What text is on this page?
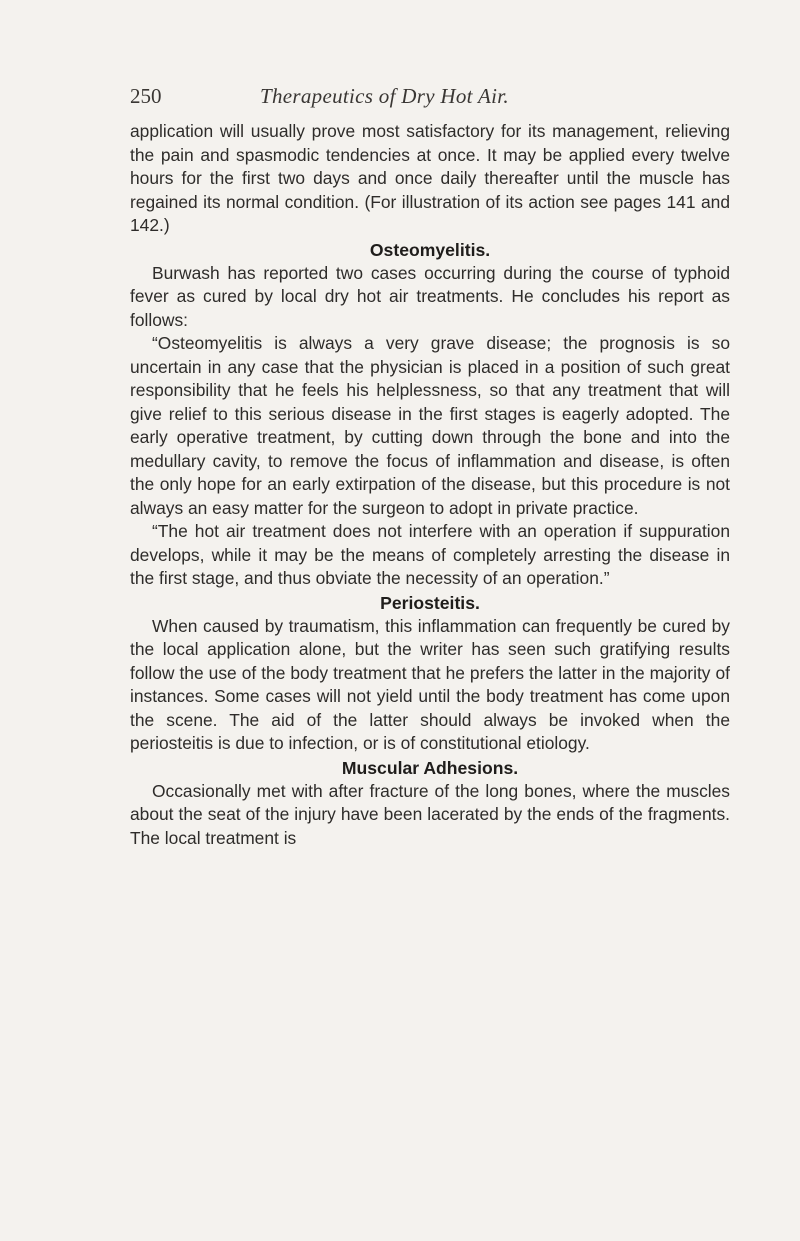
250	Therapeutics of Dry Hot Air.

application will usually prove most satisfactory for its management, relieving the pain and spasmodic tendencies at once. It may be applied every twelve hours for the first two days and once daily thereafter until the muscle has regained its normal condition. (For illustration of its action see pages 141 and 142.)

Osteomyelitis.

Burwash has reported two cases occurring during the course of typhoid fever as cured by local dry hot air treatments. He concludes his report as follows:

“Osteomyelitis is always a very grave disease; the prognosis is so uncertain in any case that the physician is placed in a position of such great responsibility that he feels his helplessness, so that any treatment that will give relief to this serious disease in the first stages is eagerly adopted. The early operative treatment, by cutting down through the bone and into the medullary cavity, to remove the focus of inflammation and disease, is often the only hope for an early extirpation of the disease, but this procedure is not always an easy matter for the surgeon to adopt in private practice.

“The hot air treatment does not interfere with an operation if suppuration develops, while it may be the means of completely arresting the disease in the first stage, and thus obviate the necessity of an operation.”

Periosteitis.

When caused by traumatism, this inflammation can frequently be cured by the local application alone, but the writer has seen such gratifying results follow the use of the body treatment that he prefers the latter in the majority of instances. Some cases will not yield until the body treatment has come upon the scene. The aid of the latter should always be invoked when the periosteitis is due to infection, or is of constitutional etiology.

Muscular Adhesions.

Occasionally met with after fracture of the long bones, where the muscles about the seat of the injury have been lacerated by the ends of the fragments. The local treatment is
